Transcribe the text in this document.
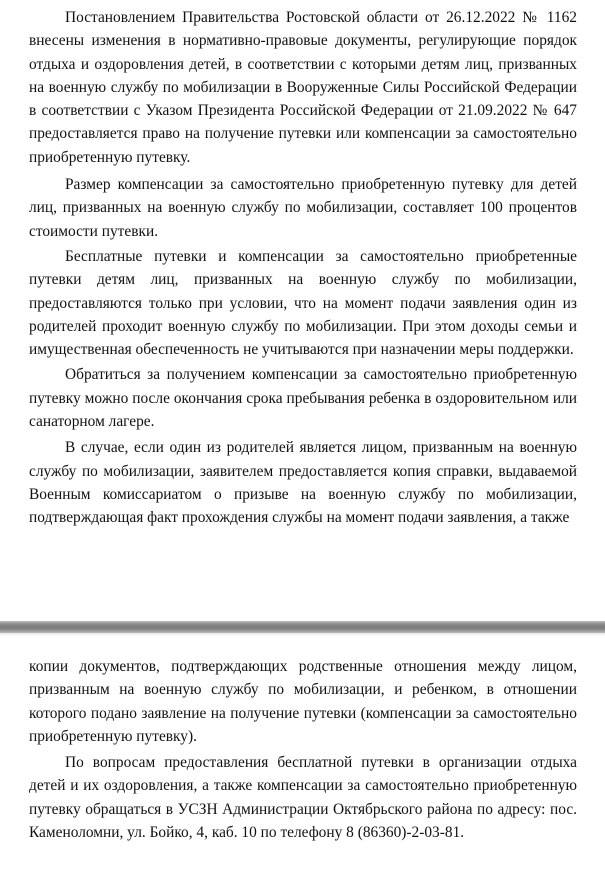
Постановлением Правительства Ростовской области от 26.12.2022 № 1162 внесены изменения в нормативно-правовые документы, регулирующие порядок отдыха и оздоровления детей, в соответствии с которыми детям лиц, призванных на военную службу по мобилизации в Вооруженные Силы Российской Федерации в соответствии с Указом Президента Российской Федерации от 21.09.2022 № 647 предоставляется право на получение путевки или компенсации за самостоятельно приобретенную путевку.

Размер компенсации за самостоятельно приобретенную путевку для детей лиц, призванных на военную службу по мобилизации, составляет 100 процентов стоимости путевки.

Бесплатные путевки и компенсации за самостоятельно приобретенные путевки детям лиц, призванных на военную службу по мобилизации, предоставляются только при условии, что на момент подачи заявления один из родителей проходит военную службу по мобилизации. При этом доходы семьи и имущественная обеспеченность не учитываются при назначении меры поддержки.

Обратиться за получением компенсации за самостоятельно приобретенную путевку можно после окончания срока пребывания ребенка в оздоровительном или санаторном лагере.

В случае, если один из родителей является лицом, призванным на военную службу по мобилизации, заявителем предоставляется копия справки, выдаваемой Военным комиссариатом о призыве на военную службу по мобилизации, подтверждающая факт прохождения службы на момент подачи заявления, а также

копии документов, подтверждающих родственные отношения между лицом, призванным на военную службу по мобилизации, и ребенком, в отношении которого подано заявление на получение путевки (компенсации за самостоятельно приобретенную путевку).

По вопросам предоставления бесплатной путевки в организации отдыха детей и их оздоровления, а также компенсации за самостоятельно приобретенную путевку обращаться в УСЗН Администрации Октябрьского района по адресу: пос. Каменоломни, ул. Бойко, 4, каб. 10 по телефону 8 (86360)-2-03-81.
